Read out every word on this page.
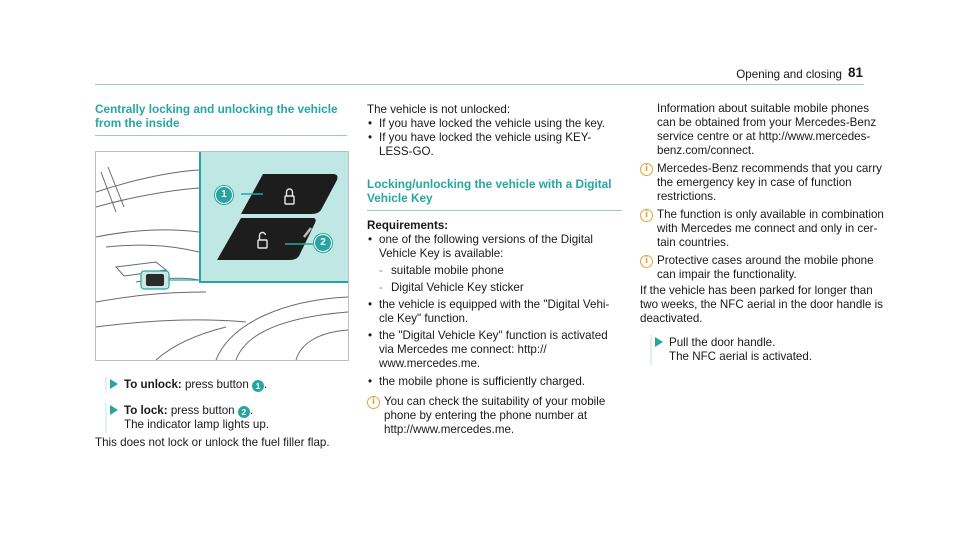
Opening and closing 81
Centrally locking and unlocking the vehicle
from the inside
1
2
To unlock: press button 1 .
To lock: press button 2 .
The indicator lamp lights up.

This does not lock or unlock the fuel filler flap.

The vehicle is not unlocked:

• If you have locked the vehicle using the key.
• If you have locked the vehicle using KEY-
LESS-GO.
Locking/unlocking the vehicle with a Digital
Vehicle Key

Requirements:

• one of the following versions of the Digital
Vehicle Key is available:
- suitable mobile phone
- Digital Vehicle Key sticker
• the vehicle is equipped with the "Digital Vehi-
cle Key" function.
• the "Digital Vehicle Key" function is activated
via Mercedes me connect: http://
www.mercedes.me.
• the mobile phone is sufficiently charged.
i You can check the suitability of your mobile
phone by entering the phone number at
http://www.mercedes.me.
Information about suitable mobile phones
can be obtained from your Mercedes-Benz
service centre or at http://www.mercedes-
benz.com/connect.
i Mercedes-Benz recommends that you carry
the emergency key in case of function
restrictions.
i The function is only available in combination
with Mercedes me connect and only in cer-
tain countries.
i Protective cases around the mobile phone
can impair the functionality.
If the vehicle has been parked for longer than
two weeks, the NFC aerial in the door handle is
deactivated.
Pull the door handle.
The NFC aerial is activated.
